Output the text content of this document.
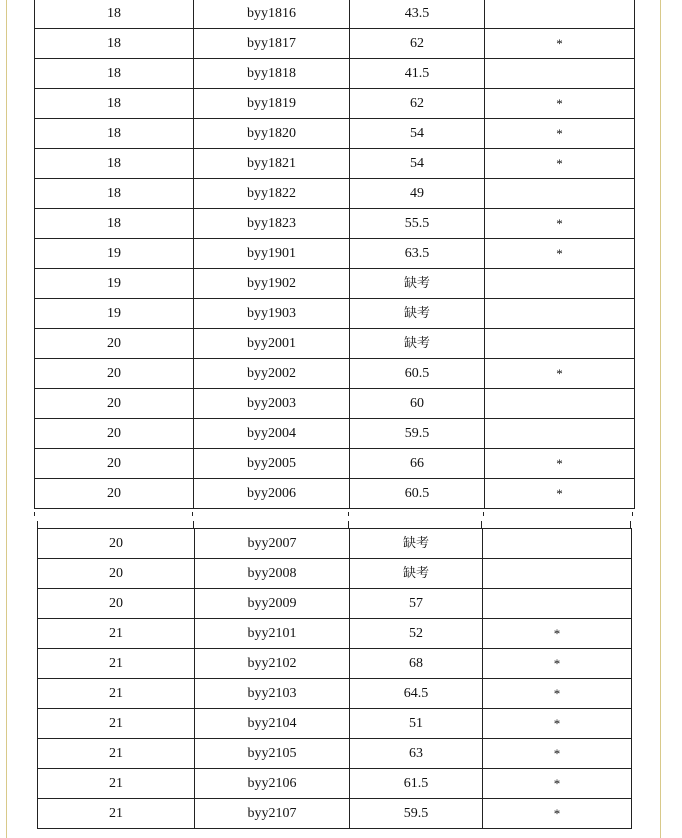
18	byy1816	43.5	
18	byy1817	62	*
18	byy1818	41.5	
18	byy1819	62	*
18	byy1820	54	*
18	byy1821	54	*
18	byy1822	49	
18	byy1823	55.5	*
19	byy1901	63.5	*
19	byy1902	缺考	
19	byy1903	缺考	
20	byy2001	缺考	
20	byy2002	60.5	*
20	byy2003	60	
20	byy2004	59.5	
20	byy2005	66	*
20	byy2006	60.5	*
20	byy2007	缺考	
20	byy2008	缺考	
20	byy2009	57	
21	byy2101	52	*
21	byy2102	68	*
21	byy2103	64.5	*
21	byy2104	51	*
21	byy2105	63	*
21	byy2106	61.5	*
21	byy2107	59.5	*
